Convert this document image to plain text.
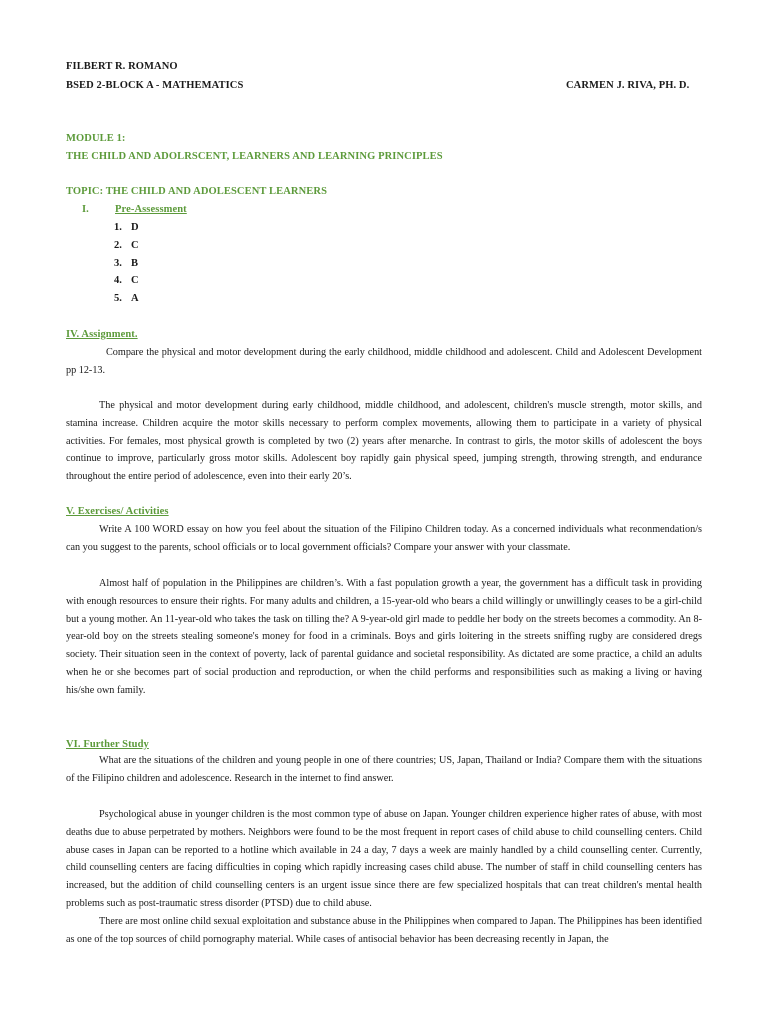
FILBERT R. ROMANO
BSED 2-BLOCK A - MATHEMATICS	CARMEN J. RIVA, PH. D.
MODULE 1:
THE CHILD AND ADOLRSCENT, LEARNERS AND LEARNING PRINCIPLES
TOPIC: THE CHILD AND ADOLESCENT LEARNERS
I. Pre-Assessment
1. D
2. C
3. B
4. C
5. A
IV. Assignment.

Compare the physical and motor development during the early childhood, middle childhood and adolescent. Child and Adolescent Development pp 12-13.

The physical and motor development during early childhood, middle childhood, and adolescent, children's muscle strength, motor skills, and stamina increase. Children acquire the motor skills necessary to perform complex movements, allowing them to participate in a variety of physical activities. For females, most physical growth is completed by two (2) years after menarche. In contrast to girls, the motor skills of adolescent the boys continue to improve, particularly gross motor skills. Adolescent boy rapidly gain physical speed, jumping strength, throwing strength, and endurance throughout the entire period of adolescence, even into their early 20’s.

V. Exercises/ Activities

Write A 100 WORD essay on how you feel about the situation of the Filipino Children today. As a concerned individuals what reconmendation/s can you suggest to the parents, school officials or to local government officials? Compare your answer with your classmate.

Almost half of population in the Philippines are children’s. With a fast population growth a year, the government has a difficult task in providing with enough resources to ensure their rights. For many adults and children, a 15-year-old who bears a child willingly or unwillingly ceases to be a girl-child but a young mother. An 11-year-old who takes the task on tilling the? A 9-year-old girl made to peddle her body on the streets becomes a commodity. An 8-year-old boy on the streets stealing someone's money for food in a criminals. Boys and girls loitering in the streets sniffing rugby are considered dregs society. Their situation seen in the context of poverty, lack of parental guidance and societal responsibility. As dictated are some practice, a child an adults when he or she becomes part of social production and reproduction, or when the child performs and responsibilities such as making a living or having his/she own family.

VI. Further Study

What are the situations of the children and young people in one of there countries; US, Japan, Thailand or India? Compare them with the situations of the Filipino children and adolescence. Research in the internet to find answer.

Psychological abuse in younger children is the most common type of abuse on Japan. Younger children experience higher rates of abuse, with most deaths due to abuse perpetrated by mothers. Neighbors were found to be the most frequent in report cases of child abuse to child counselling centers. Child abuse cases in Japan can be reported to a hotline which available in 24 a day, 7 days a week are mainly handled by a child counselling center. Currently, child counselling centers are facing difficulties in coping which rapidly increasing cases child abuse. The number of staff in child counselling centers has increased, but the addition of child counselling centers is an urgent issue since there are few specialized hospitals that can treat children's mental health problems such as post-traumatic stress disorder (PTSD) due to child abuse.

There are most online child sexual exploitation and substance abuse in the Philippines when compared to Japan. The Philippines has been identified as one of the top sources of child pornography material. While cases of antisocial behavior has been decreasing recently in Japan, the
